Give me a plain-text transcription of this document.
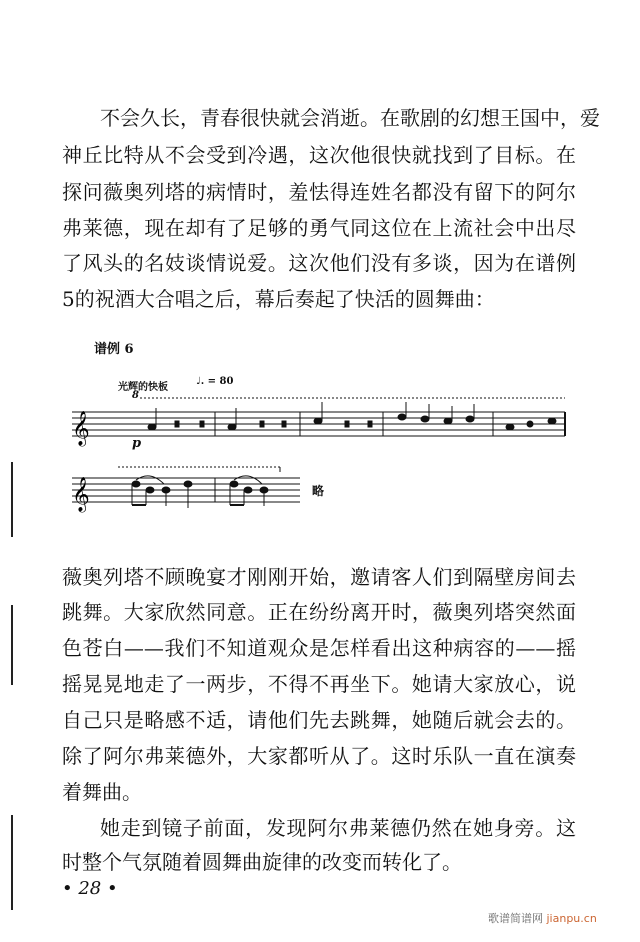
不会久长，青春很快就会消逝。在歌剧的幻想王国中，爱
神丘比特从不会受到冷遇，这次他很快就找到了目标。在
探问薇奥列塔的病情时，羞怯得连姓名都没有留下的阿尔
弗莱德，现在却有了足够的勇气同这位在上流社会中出尽
了风头的名妓谈情说爱。这次他们没有多谈，因为在谱例
5的祝酒大合唱之后，幕后奏起了快活的圆舞曲：
谱例 6
光辉的快板
♩. = 80
8
p
略
𝄞
𝄞
薇奥列塔不顾晚宴才刚刚开始，邀请客人们到隔壁房间去
跳舞。大家欣然同意。正在纷纷离开时，薇奥列塔突然面
色苍白——我们不知道观众是怎样看出这种病容的——摇
摇晃晃地走了一两步，不得不再坐下。她请大家放心，说
自己只是略感不适，请他们先去跳舞，她随后就会去的。
除了阿尔弗莱德外，大家都听从了。这时乐队一直在演奏
着舞曲。
她走到镜子前面，发现阿尔弗莱德仍然在她身旁。这
时整个气氛随着圆舞曲旋律的改变而转化了。
• 28 •
歌谱简谱网 jianpu.cn
